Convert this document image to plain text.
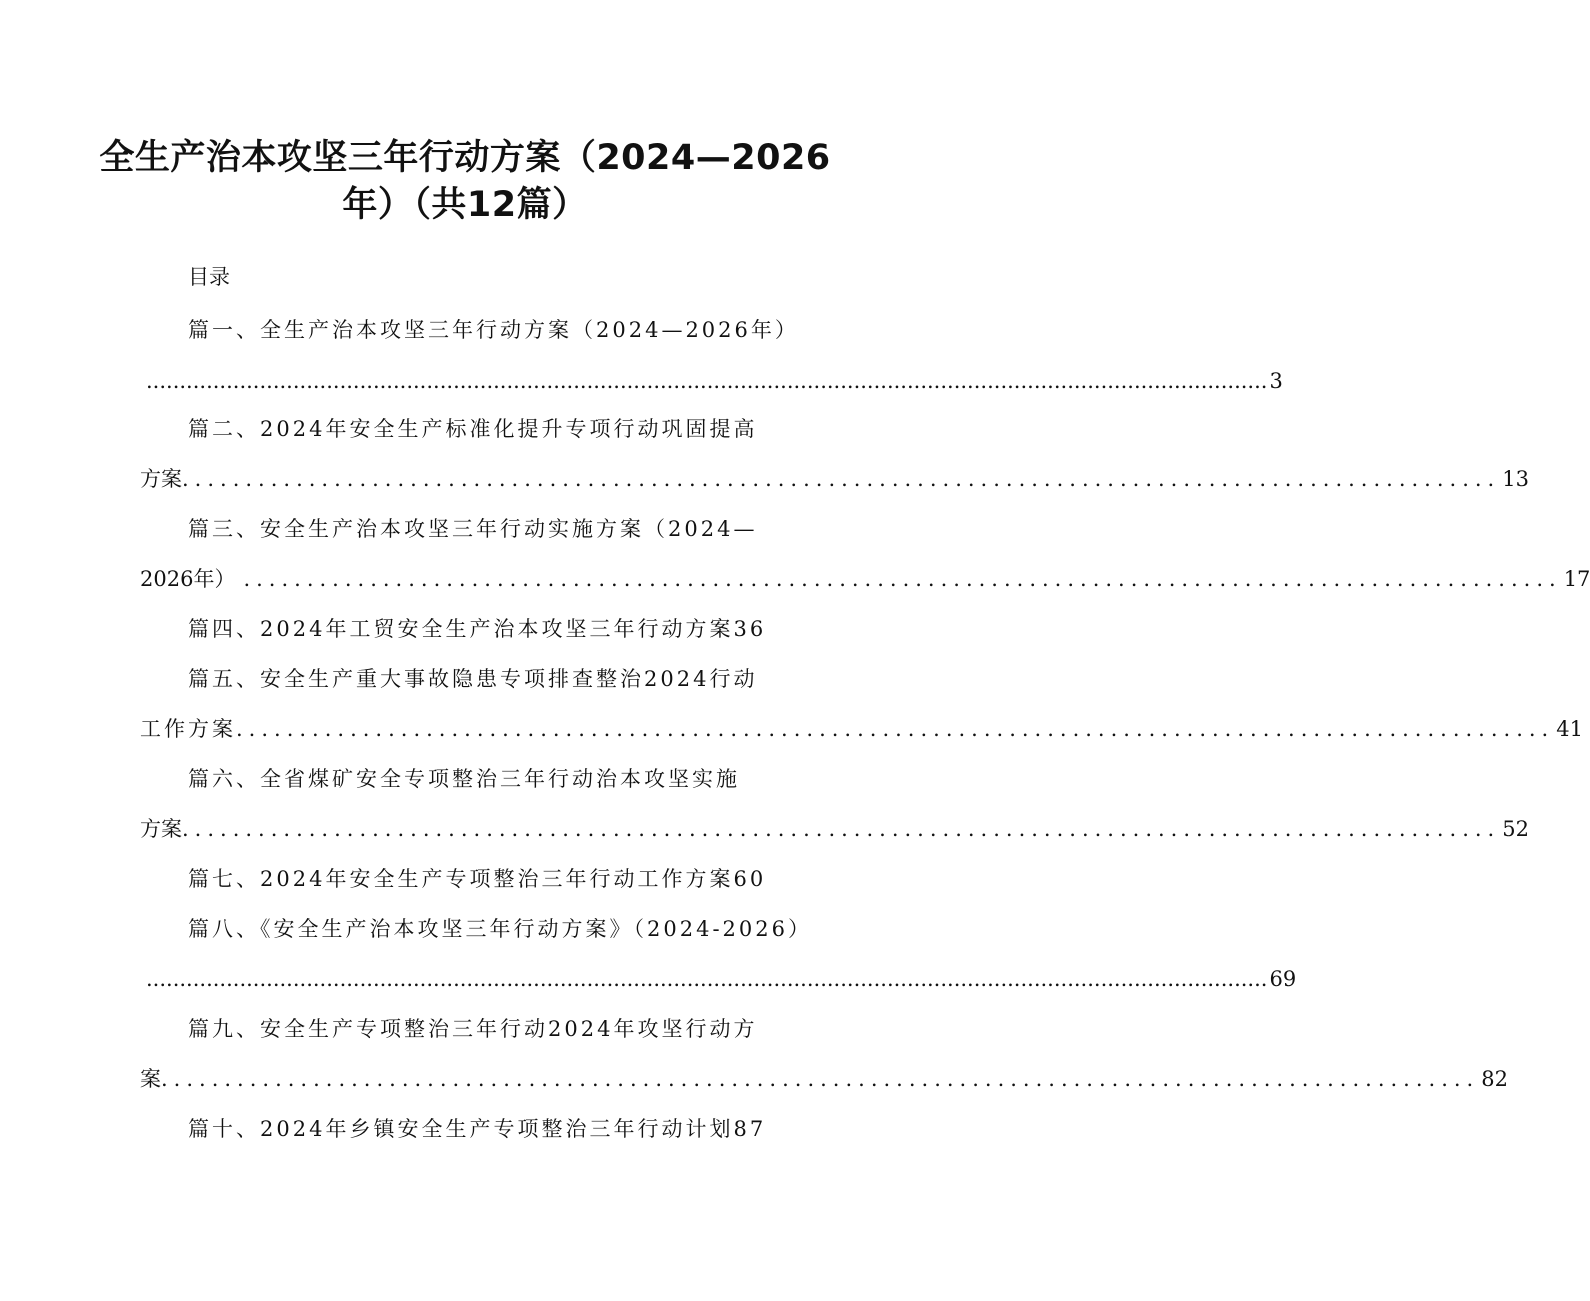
全生产治本攻坚三年行动方案（2024—2026
年）（共12篇）
目录
篇一、全生产治本攻坚三年行动方案（2024—2026年）
........................................................................................................................................................................ 3
篇二、2024年安全生产标准化提升专项行动巩固提高
方案 ........................................................................................................ 13
篇三、安全生产治本攻坚三年行动实施方案（2024—
2026年） ........................................................................................................ 17
篇四、2024年工贸安全生产治本攻坚三年行动方案36
篇五、安全生产重大事故隐患专项排查整治2024行动
工作方案 ........................................................................................................ 41
篇六、全省煤矿安全专项整治三年行动治本攻坚实施
方案 ........................................................................................................ 52
篇七、2024年安全生产专项整治三年行动工作方案60
篇八、《安全生产治本攻坚三年行动方案》（2024-2026）
........................................................................................................................................................................ 69
篇九、安全生产专项整治三年行动2024年攻坚行动方
案 ........................................................................................................ 82
篇十、2024年乡镇安全生产专项整治三年行动计划87
